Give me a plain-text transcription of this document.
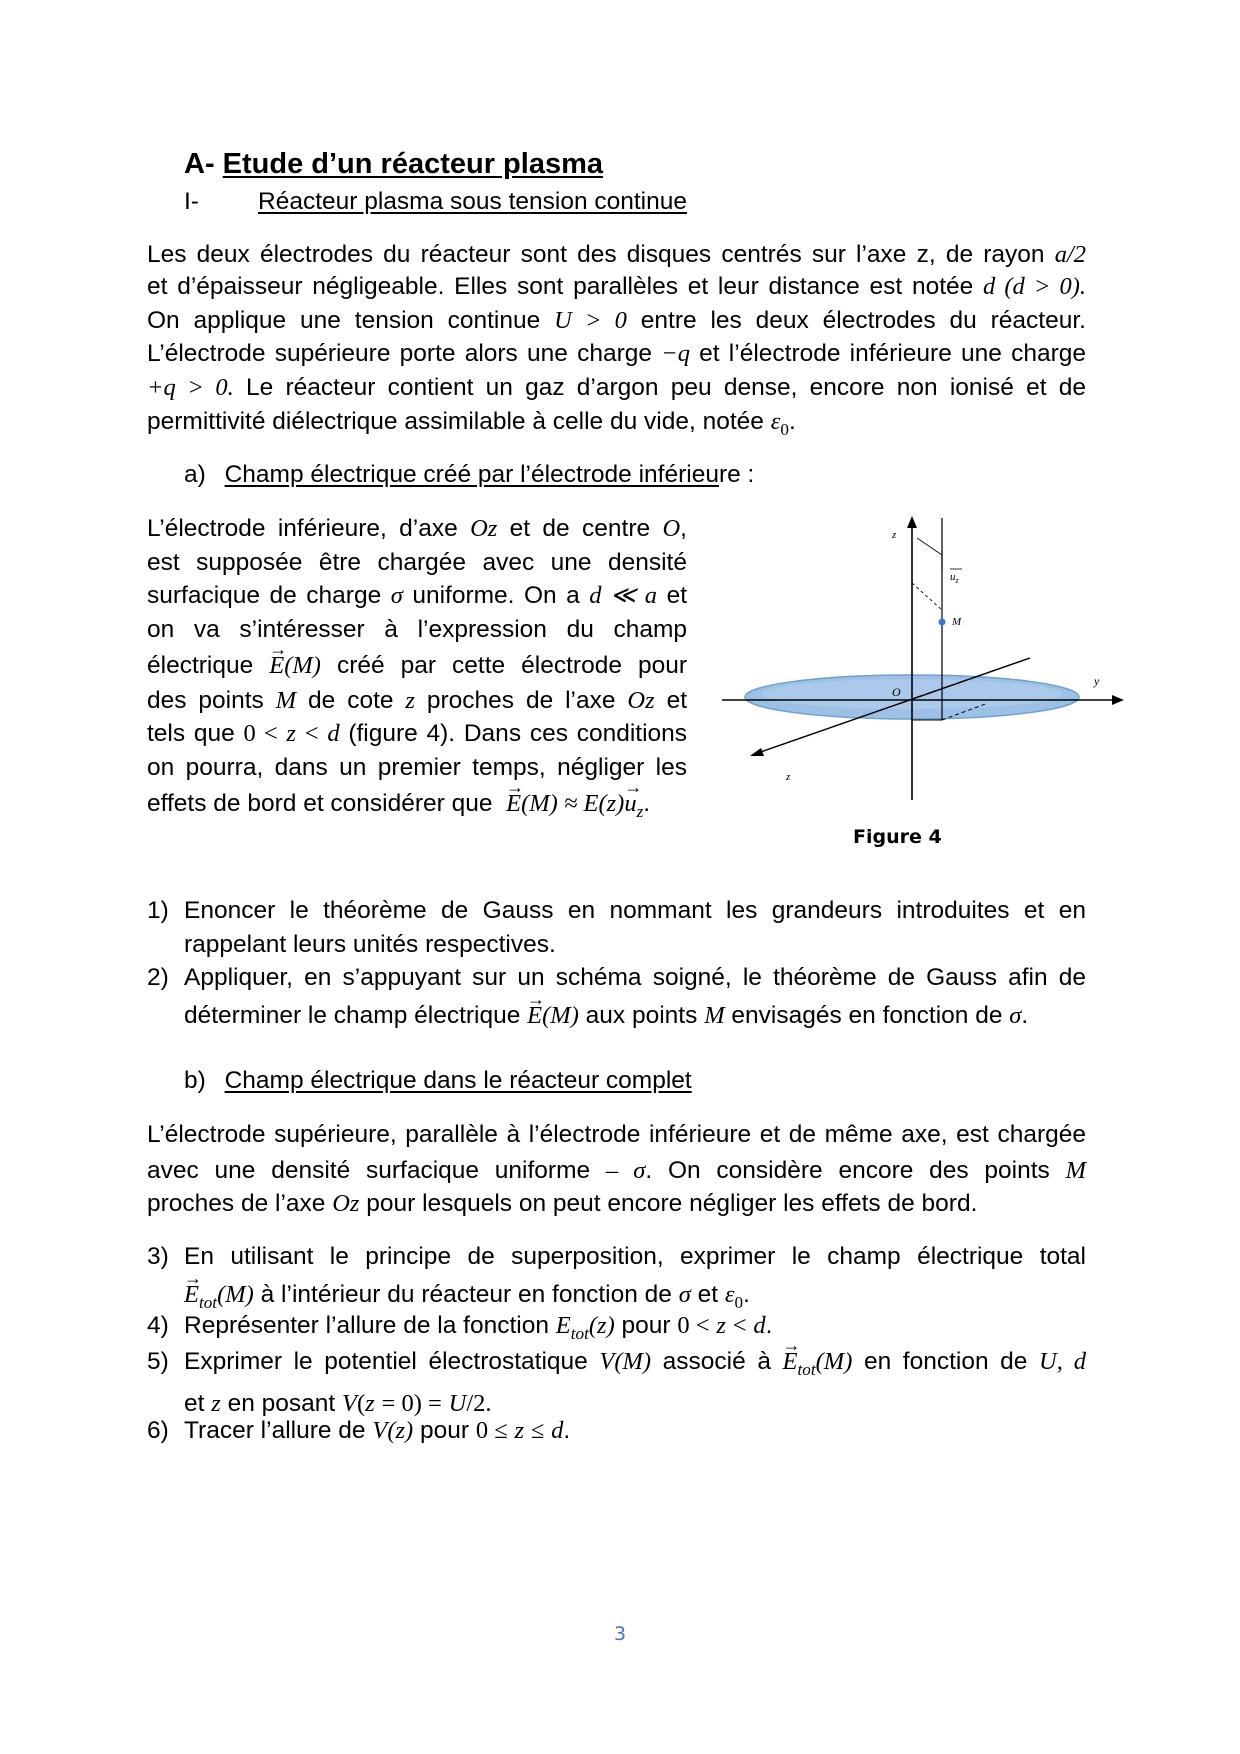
A- Etude d’un réacteur plasma
I- Réacteur plasma sous tension continue
Les deux électrodes du réacteur sont des disques centrés sur l’axe z, de rayon a/2
et d’épaisseur négligeable. Elles sont parallèles et leur distance est notée d (d > 0).
On applique une tension continue U > 0 entre les deux électrodes du réacteur.
L’électrode supérieure porte alors une charge −q et l’électrode inférieure une charge
+q > 0. Le réacteur contient un gaz d’argon peu dense, encore non ionisé et de
permittivité diélectrique assimilable à celle du vide, notée $\varepsilon_0$.
a) Champ électrique créé par l’électrode inférieure :
L’électrode inférieure, d’axe Oz et de centre O,
est supposée être chargée avec une densité
surfacique de charge σ uniforme. On a d ≪ a et
on va s’intéresser à l’expression du champ
électrique → E(M) créé par cette électrode pour
des points M de cote z proches de l’axe Oz et
tels que 0 < z < d (figure 4). Dans ces conditions
on pourra, dans un premier temps, négliger les
effets de bord et considérer que  → $E(M) \approx E(z)\to u_z$.
z
$u_z$
M
O
y
z
Figure 4
1) Enoncer le théorème de Gauss en nommant les grandeurs introduites et en
rappelant leurs unités respectives.
2) Appliquer, en s’appuyant sur un schéma soigné, le théorème de Gauss afin de
déterminer le champ électrique → E(M) aux points M envisagés en fonction de σ.
b) Champ électrique dans le réacteur complet
L’électrode supérieure, parallèle à l’électrode inférieure et de même axe, est chargée
avec une densité surfacique uniforme – σ. On considère encore des points M
proches de l’axe Oz pour lesquels on peut encore négliger les effets de bord.
3) En utilisant le principe de superposition, exprimer le champ électrique total
→ $E_{tot}(M)$ à l’intérieur du réacteur en fonction de σ et $\varepsilon_0$.
4) Représenter l’allure de la fonction $E_{tot}(z)$ pour 0 < z < d.
5) Exprimer le potentiel électrostatique V(M) associé à → $E_{tot}(M)$ en fonction de U, d
et z en posant V(z = 0) = U/2.
6) Tracer l’allure de V(z) pour 0 ≤ z ≤ d.
3
